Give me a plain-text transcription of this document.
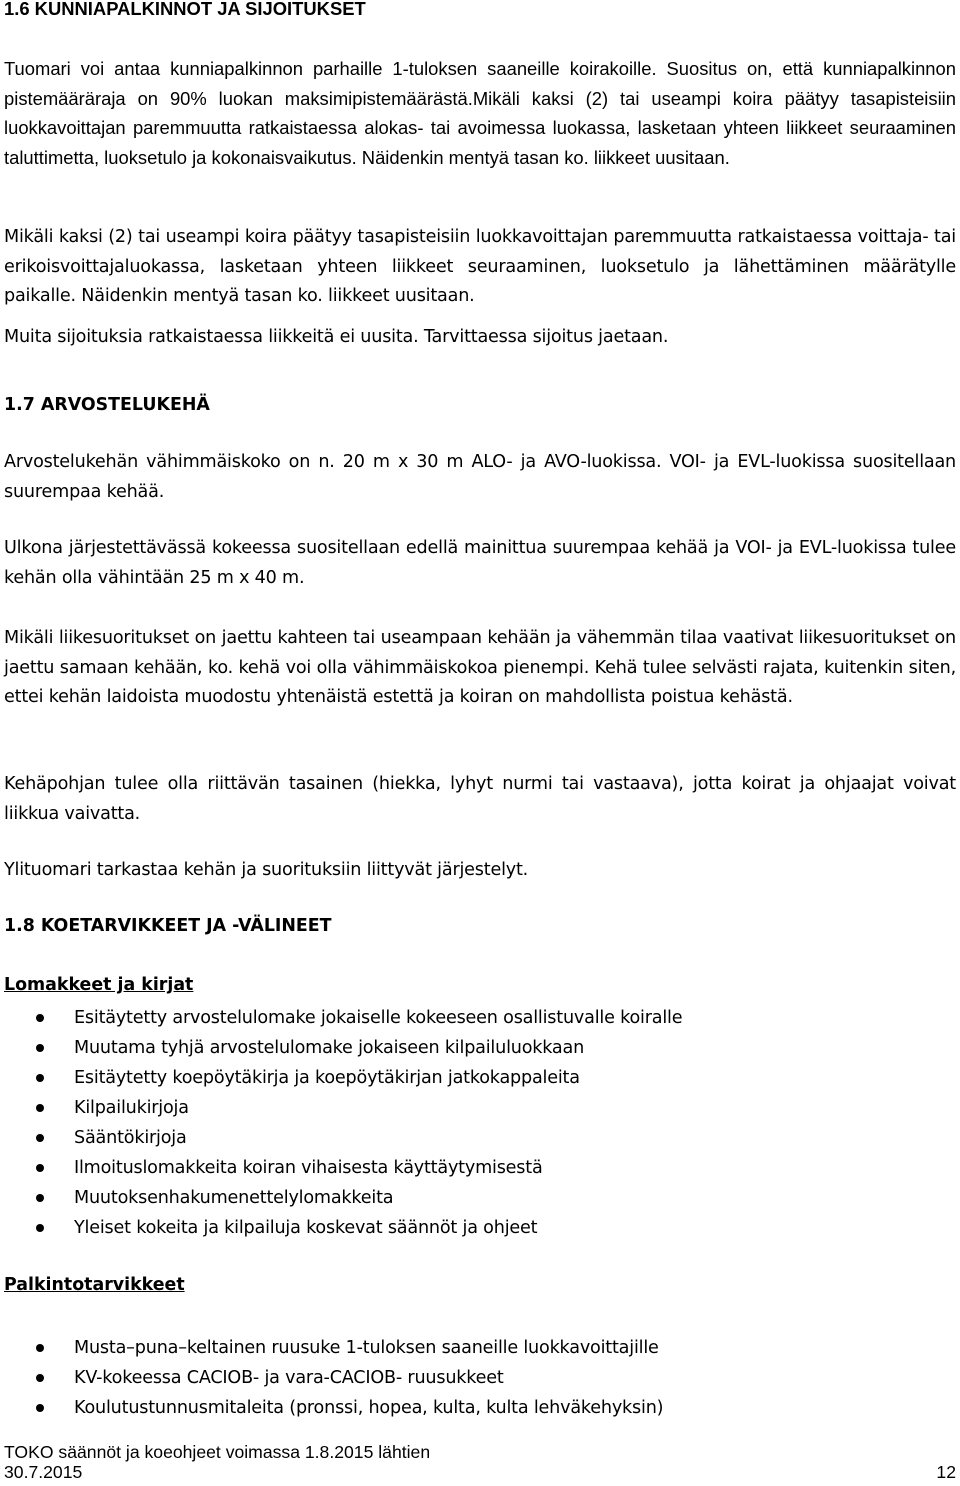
1.6 KUNNIAPALKINNOT JA SIJOITUKSET

Tuomari voi antaa kunniapalkinnon parhaille 1-tuloksen saaneille koirakoille. Suositus on, että kunniapalkinnon pistemääräraja on 90% luokan maksimipistemäärästä.Mikäli kaksi (2) tai useampi koira päätyy tasapisteisiin luokkavoittajan paremmuutta ratkaistaessa alokas- tai avoimessa luokassa, lasketaan yhteen liikkeet seuraaminen taluttimetta, luoksetulo ja kokonaisvaikutus. Näidenkin mentyä tasan ko. liikkeet uusitaan.

Mikäli kaksi (2) tai useampi koira päätyy tasapisteisiin luokkavoittajan paremmuutta ratkaistaessa voittaja- tai erikoisvoittajaluokassa, lasketaan yhteen liikkeet seuraaminen, luoksetulo ja lähettäminen määrätylle paikalle. Näidenkin mentyä tasan ko. liikkeet uusitaan.

Muita sijoituksia ratkaistaessa liikkeitä ei uusita. Tarvittaessa sijoitus jaetaan.

1.7 ARVOSTELUKEHÄ

Arvostelukehän vähimmäiskoko on n. 20 m x 30 m ALO- ja AVO-luokissa. VOI- ja EVL-luokissa suositellaan suurempaa kehää.

Ulkona järjestettävässä kokeessa suositellaan edellä mainittua suurempaa kehää ja VOI- ja EVL-luokissa tulee kehän olla vähintään 25 m x 40 m.

Mikäli liikesuoritukset on jaettu kahteen tai useampaan kehään ja vähemmän tilaa vaativat liikesuoritukset on jaettu samaan kehään, ko. kehä voi olla vähimmäiskokoa pienempi. Kehä tulee selvästi rajata, kuitenkin siten, ettei kehän laidoista muodostu yhtenäistä estettä ja koiran on mahdollista poistua kehästä.

Kehäpohjan tulee olla riittävän tasainen (hiekka, lyhyt nurmi tai vastaava), jotta koirat ja ohjaajat voivat liikkua vaivatta.

Ylituomari tarkastaa kehän ja suorituksiin liittyvät järjestelyt.

1.8 KOETARVIKKEET JA -VÄLINEET

Lomakkeet ja kirjat

Esitäytetty arvostelulomake jokaiselle kokeeseen osallistuvalle koiralle
Muutama tyhjä arvostelulomake jokaiseen kilpailuluokkaan
Esitäytetty koepöytäkirja ja koepöytäkirjan jatkokappaleita
Kilpailukirjoja
Sääntökirjoja
Ilmoituslomakkeita koiran vihaisesta käyttäytymisestä
Muutoksenhakumenettelylomakkeita
Yleiset kokeita ja kilpailuja koskevat säännöt ja ohjeet

Palkintotarvikkeet

Musta–puna–keltainen ruusuke 1-tuloksen saaneille luokkavoittajille
KV-kokeessa CACIOB- ja vara-CACIOB- ruusukkeet
Koulutustunnusmitaleita (pronssi, hopea, kulta, kulta lehväkehyksin)
TOKO säännöt ja koeohjeet voimassa 1.8.2015 lähtien
30.7.2015	12
